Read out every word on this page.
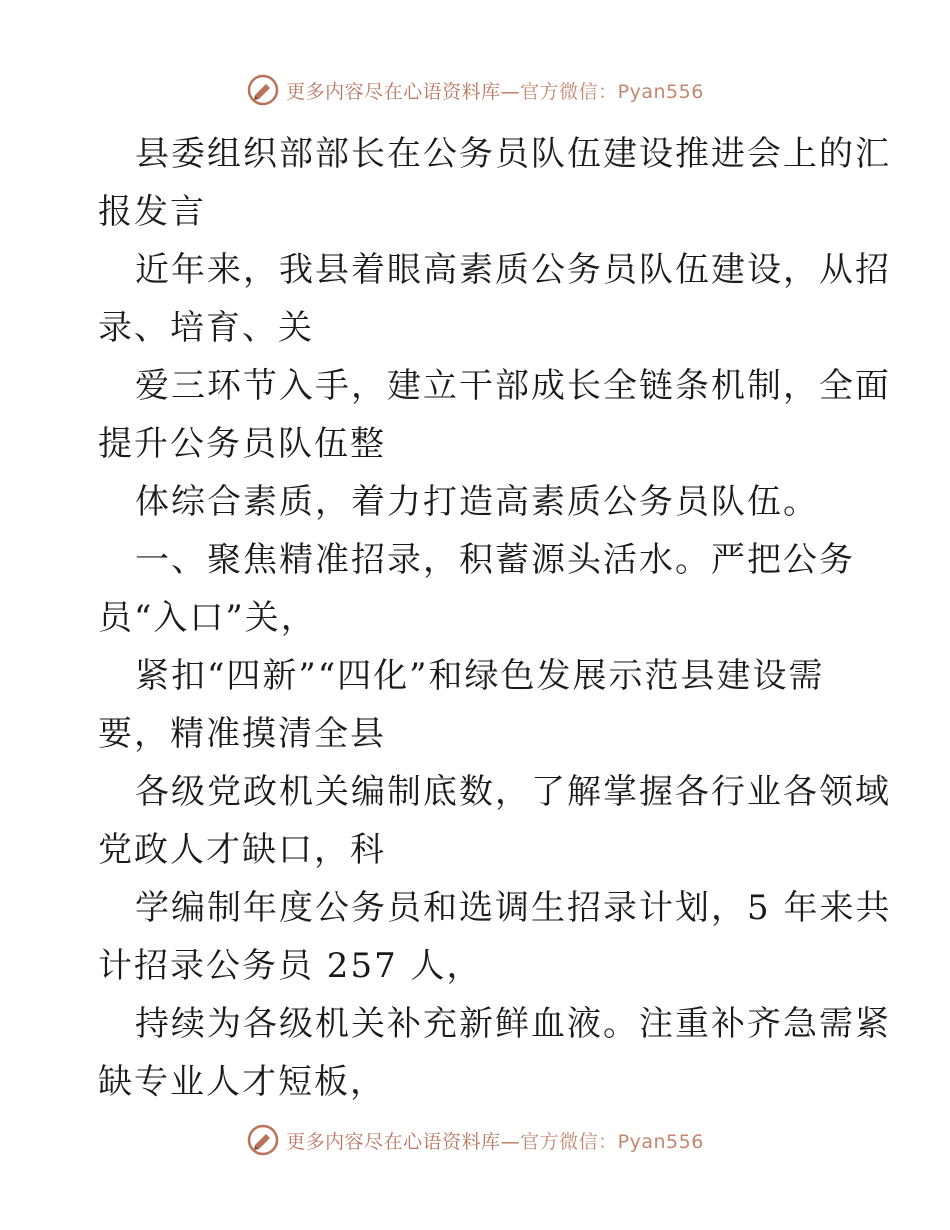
更多内容尽在心语资料库—官方微信：Pyan556
县委组织部部长在公务员队伍建设推进会上的汇
报发言
近年来，我县着眼高素质公务员队伍建设，从招
录、培育、关
爱三环节入手，建立干部成长全链条机制，全面
提升公务员队伍整
体综合素质，着力打造高素质公务员队伍。
一、聚焦精准招录，积蓄源头活水。严把公务
员“入口”关，
紧扣“四新”“四化”和绿色发展示范县建设需
要，精准摸清全县
各级党政机关编制底数，了解掌握各行业各领域
党政人才缺口，科
学编制年度公务员和选调生招录计划，5 年来共
计招录公务员 257 人，
持续为各级机关补充新鲜血液。注重补齐急需紧
缺专业人才短板，
更多内容尽在心语资料库—官方微信：Pyan556
